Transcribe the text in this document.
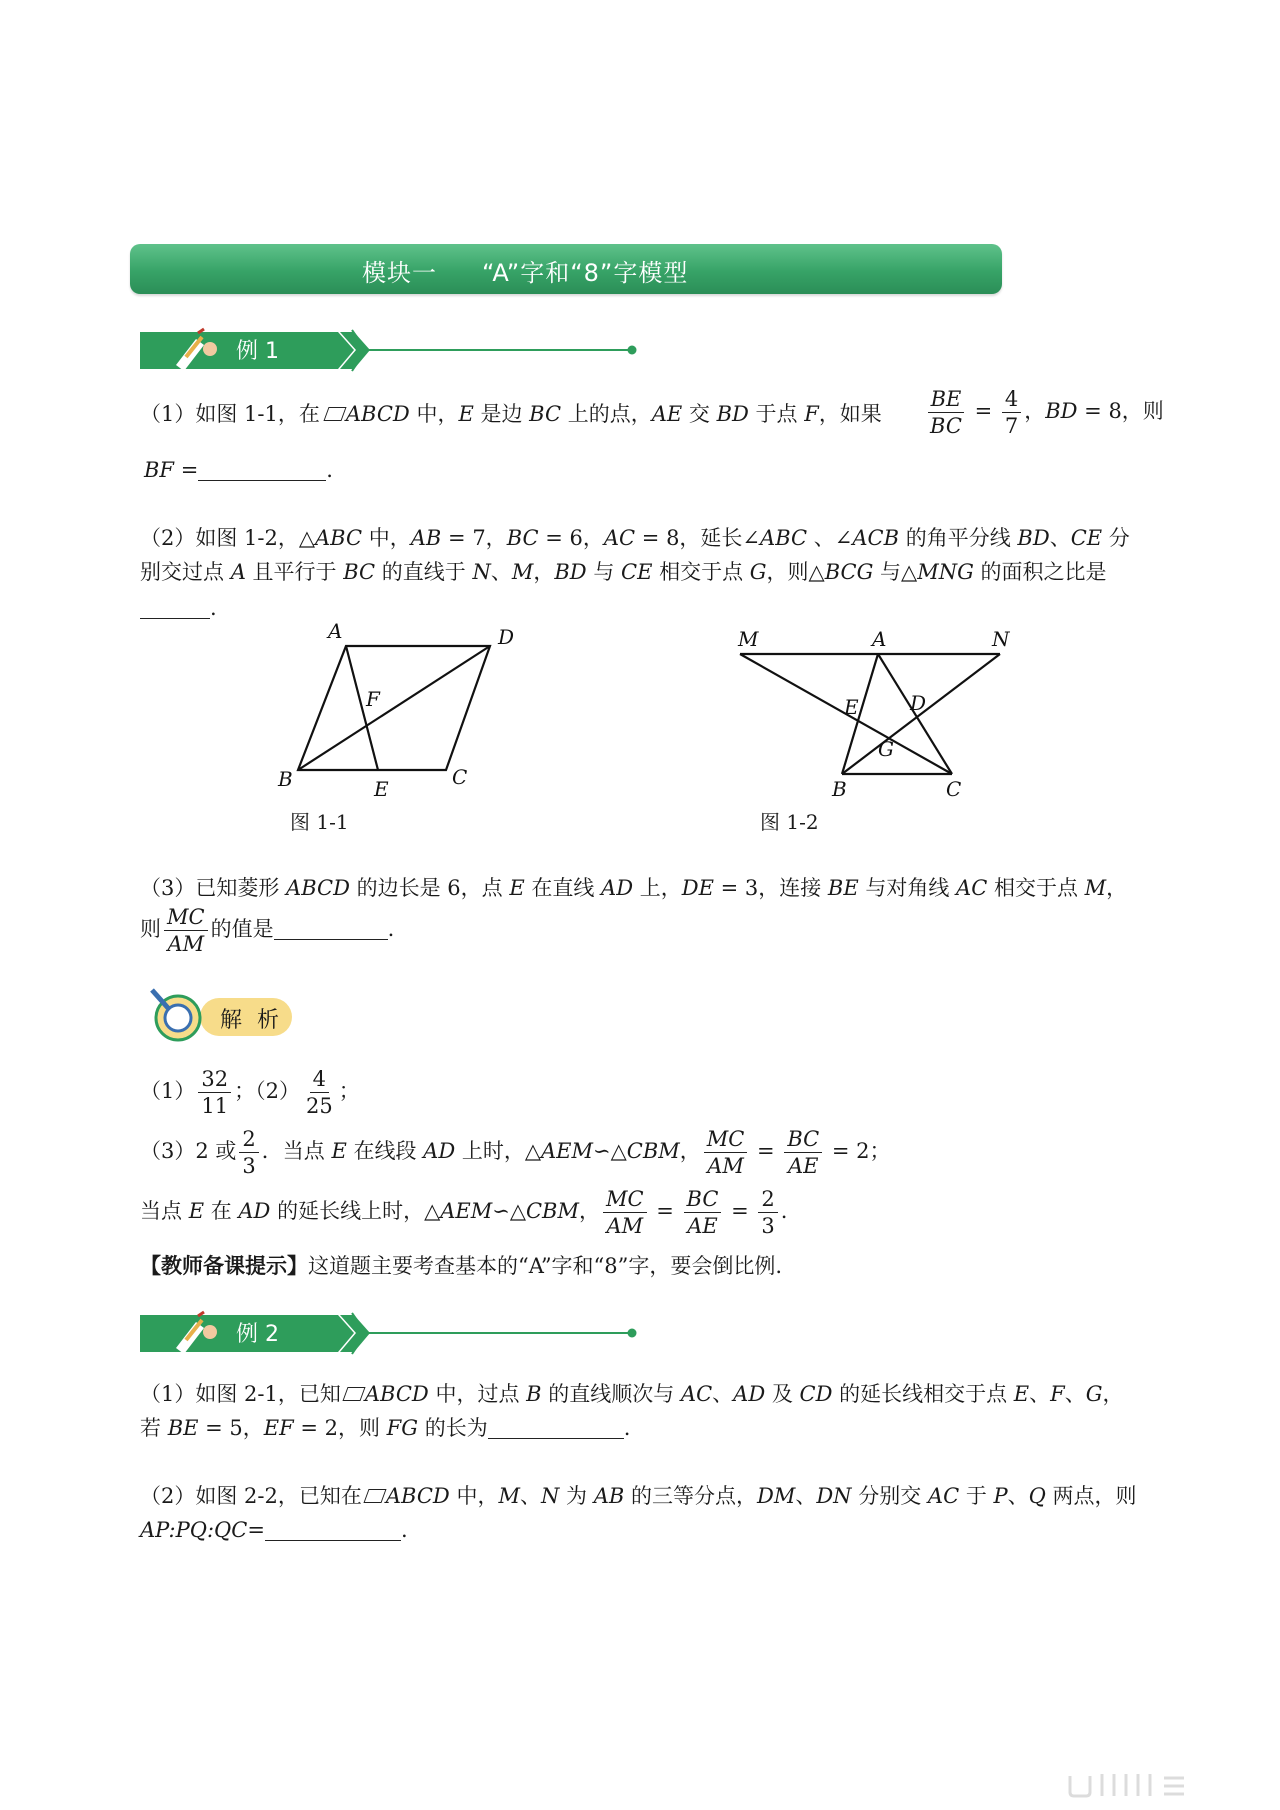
模块一 “A”字和“8”字模型
例 1
（1）如图 1-1，在 ABCD 中，E 是边 BC 上的点，AE 交 BD 于点 F，如果 $\frac{BE}{BC} = \frac{4}{7}$ ，BD = 8，则
BF =	.
（2）如图 1-2，△ABC 中，AB = 7，BC = 6，AC = 8，延长∠ABC 、∠ACB 的角平分线 BD、CE 分
别交过点 A 且平行于 BC 的直线于 N、M，BD 与 CE 相交于点 G，则△BCG 与△MNG 的面积之比是
.
A	D
F
B	E	C
图 1-1
M	A	N
E	D
G
B	C
图 1-2
（3）已知菱形 ABCD 的边长是 6，点 E 在直线 AD 上，DE = 3，连接 BE 与对角线 AC 相交于点 M，
则 $\frac{MC}{AM}$ 的值是	.
解 析
$(1) \frac{32}{11}$ ；$(2) \frac{4}{25}$ ；
（3）2 或 $\frac{2}{3}$ ．当点 E 在线段 AD 上时，△AEM∽△CBM， $\frac{MC}{AM} = \frac{BC}{AE} = 2$；
当点 E 在 AD 的延长线上时，△AEM∽△CBM， $\frac{MC}{AM} = \frac{BC}{AE} = \frac{2}{3}$ .
【教师备课提示】这道题主要考查基本的“A”字和“8”字，要会倒比例.
例 2
（1）如图 2-1，已知 ABCD 中，过点 B 的直线顺次与 AC、AD 及 CD 的延长线相交于点 E、F、G，
若 BE = 5，EF = 2，则 FG 的长为	.
（2）如图 2-2，已知在 ABCD 中，M、N 为 AB 的三等分点，DM、DN 分别交 AC 于 P、Q 两点，则
AP:PQ:QC=	.
